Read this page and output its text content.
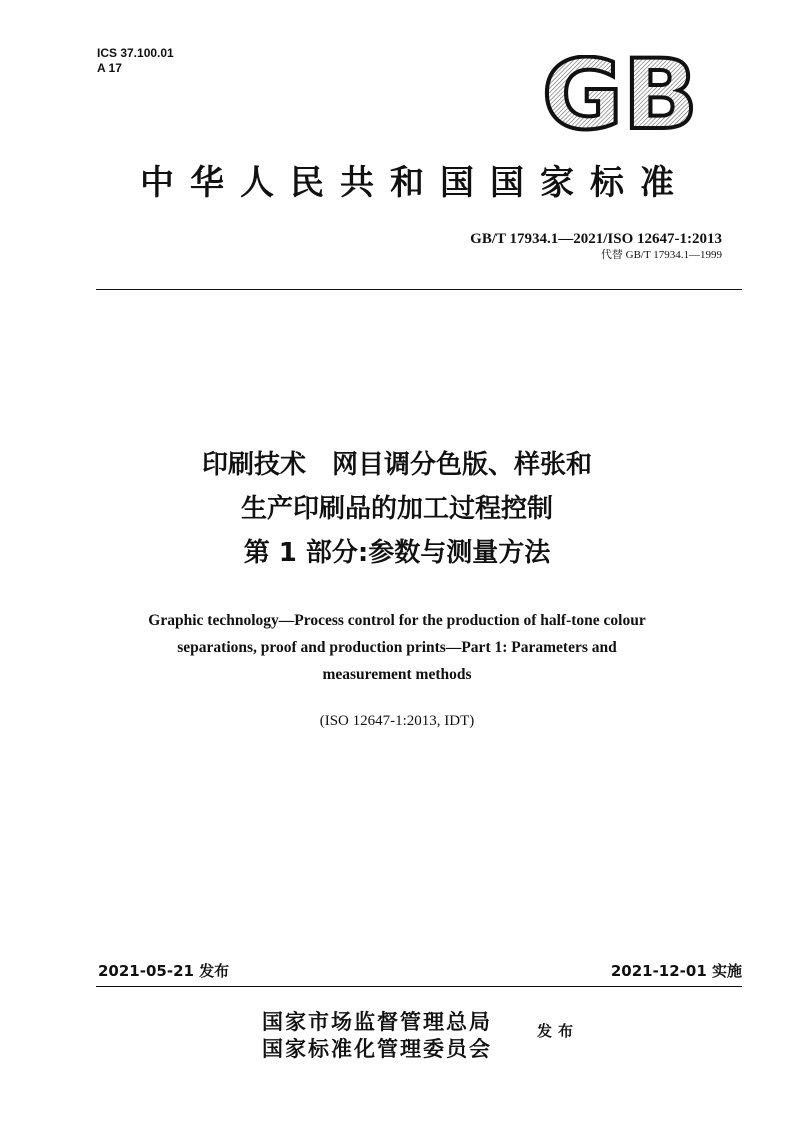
ICS 37.100.01
A 17	GB
中华人民共和国国家标准
GB/T 17934.1—2021/ISO 12647-1:2013
代替 GB/T 17934.1—1999
印刷技术　网目调分色版、样张和
生产印刷品的加工过程控制
第 1 部分:参数与测量方法
Graphic technology—Process control for the production of half-tone colour
separations, proof and production prints—Part 1: Parameters and
measurement methods
(ISO 12647-1:2013, IDT)
2021-05-21 发布	2021-12-01 实施
国家市场监督管理总局
国家标准化管理委员会
发布
